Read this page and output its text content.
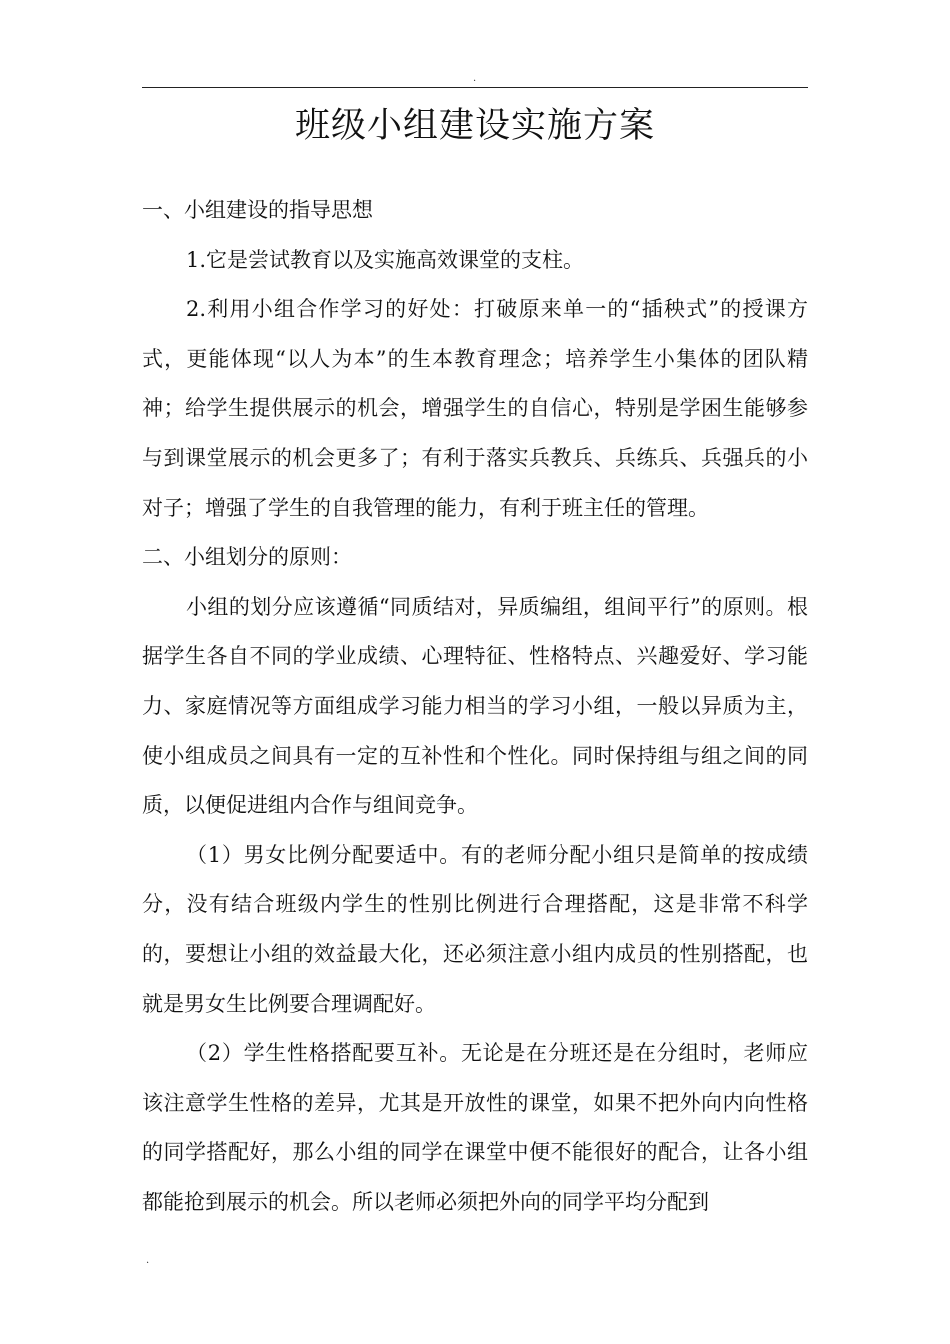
.
班级小组建设实施方案

一、小组建设的指导思想

1.它是尝试教育以及实施高效课堂的支柱。

2.利用小组合作学习的好处：打破原来单一的“插秧式”的授课方式，更能体现“以人为本”的生本教育理念；培养学生小集体的团队精神；给学生提供展示的机会，增强学生的自信心，特别是学困生能够参与到课堂展示的机会更多了；有利于落实兵教兵、兵练兵、兵强兵的小对子；增强了学生的自我管理的能力，有利于班主任的管理。

二、小组划分的原则：

小组的划分应该遵循“同质结对，异质编组，组间平行”的原则。根据学生各自不同的学业成绩、心理特征、性格特点、兴趣爱好、学习能力、家庭情况等方面组成学习能力相当的学习小组，一般以异质为主，使小组成员之间具有一定的互补性和个性化。同时保持组与组之间的同质，以便促进组内合作与组间竞争。

（1）男女比例分配要适中。有的老师分配小组只是简单的按成绩分，没有结合班级内学生的性别比例进行合理搭配，这是非常不科学的，要想让小组的效益最大化，还必须注意小组内成员的性别搭配，也就是男女生比例要合理调配好。

（2）学生性格搭配要互补。无论是在分班还是在分组时，老师应该注意学生性格的差异，尤其是开放性的课堂，如果不把外向内向性格的同学搭配好，那么小组的同学在课堂中便不能很好的配合，让各小组都能抢到展示的机会。所以老师必须把外向的同学平均分配到

.
